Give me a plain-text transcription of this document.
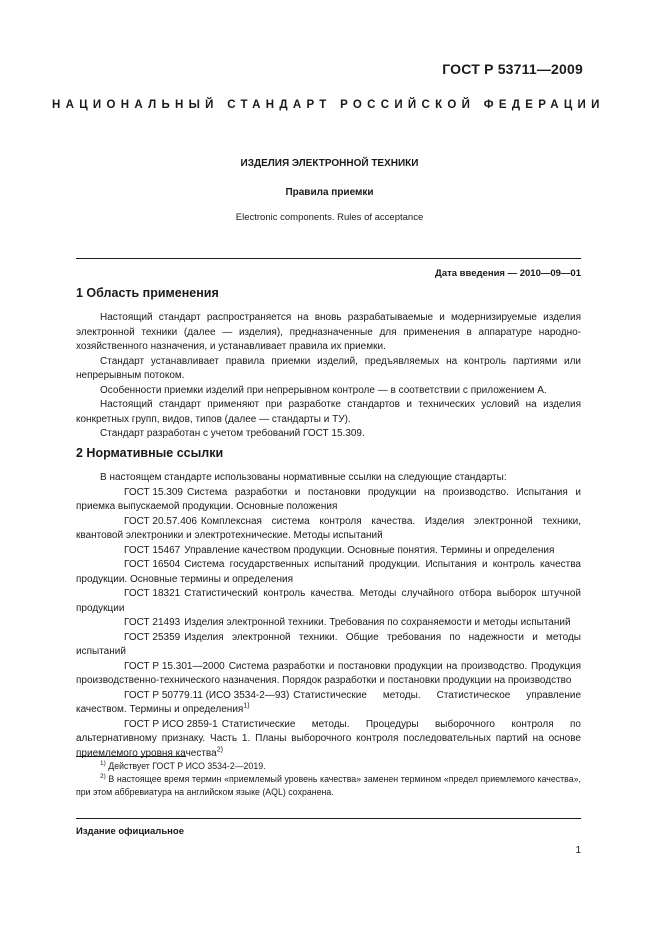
ГОСТ Р 53711—2009
НАЦИОНАЛЬНЫЙ СТАНДАРТ РОССИЙСКОЙ ФЕДЕРАЦИИ
ИЗДЕЛИЯ ЭЛЕКТРОННОЙ ТЕХНИКИ
Правила приемки
Electronic components. Rules of acceptance
Дата введения — 2010—09—01
1 Область применения

Настоящий стандарт распространяется на вновь разрабатываемые и модернизируемые изделия электронной техники (далее — изделия), предназначенные для применения в аппаратуре народно-хозяйственного назначения, и устанавливает правила их приемки.

Стандарт устанавливает правила приемки изделий, предъявляемых на контроль партиями или непрерывным потоком.

Особенности приемки изделий при непрерывном контроле — в соответствии с приложением А.

Настоящий стандарт применяют при разработке стандартов и технических условий на изделия конкретных групп, видов, типов (далее — стандарты и ТУ).

Стандарт разработан с учетом требований ГОСТ 15.309.

2 Нормативные ссылки

В настоящем стандарте использованы нормативные ссылки на следующие стандарты:

ГОСТ 15.309 Система разработки и постановки продукции на производство. Испытания и приемка выпускаемой продукции. Основные положения

ГОСТ 20.57.406 Комплексная система контроля качества. Изделия электронной техники, квантовой электроники и электротехнические. Методы испытаний

ГОСТ 15467 Управление качеством продукции. Основные понятия. Термины и определения

ГОСТ 16504 Система государственных испытаний продукции. Испытания и контроль качества продукции. Основные термины и определения

ГОСТ 18321 Статистический контроль качества. Методы случайного отбора выборок штучной продукции

ГОСТ 21493 Изделия электронной техники. Требования по сохраняемости и методы испытаний

ГОСТ 25359 Изделия электронной техники. Общие требования по надежности и методы испытаний

ГОСТ Р 15.301—2000 Система разработки и постановки продукции на производство. Продукция производственно-технического назначения. Порядок разработки и постановки продукции на производство

ГОСТ Р 50779.11 (ИСО 3534-2—93) Статистические методы. Статистическое управление качеством. Термины и определения$^{1)}$

ГОСТ Р ИСО 2859-1 Статистические методы. Процедуры выборочного контроля по альтернативному признаку. Часть 1. Планы выборочного контроля последовательных партий на основе приемлемого уровня качества$^{2)}$

$^{1)}$ Действует ГОСТ Р ИСО 3534-2—2019.

$^{2)}$ В настоящее время термин «приемлемый уровень качества» заменен термином «предел приемлемого качества», при этом аббревиатура на английском языке (AQL) сохранена.

Издание официальное
1
